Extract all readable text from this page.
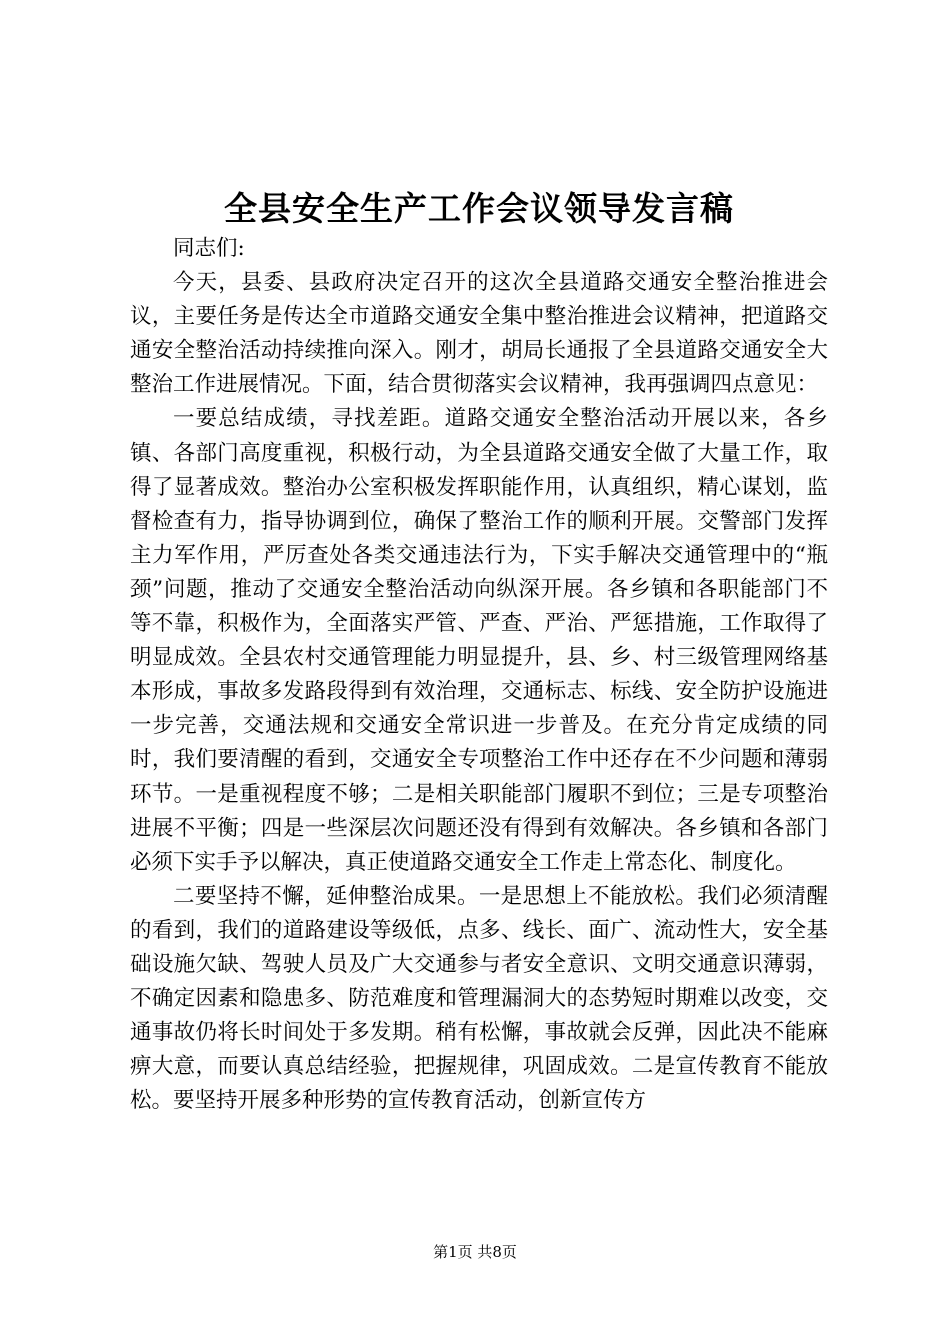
全县安全生产工作会议领导发言稿

同志们:

今天，县委、县政府决定召开的这次全县道路交通安全整治推进会议，主要任务是传达全市道路交通安全集中整治推进会议精神，把道路交通安全整治活动持续推向深入。刚才，胡局长通报了全县道路交通安全大整治工作进展情况。下面，结合贯彻落实会议精神，我再强调四点意见：

一要总结成绩，寻找差距。道路交通安全整治活动开展以来，各乡镇、各部门高度重视，积极行动，为全县道路交通安全做了大量工作，取得了显著成效。整治办公室积极发挥职能作用，认真组织，精心谋划，监督检查有力，指导协调到位，确保了整治工作的顺利开展。交警部门发挥主力军作用，严厉查处各类交通违法行为，下实手解决交通管理中的“瓶颈”问题，推动了交通安全整治活动向纵深开展。各乡镇和各职能部门不等不靠，积极作为，全面落实严管、严查、严治、严惩措施，工作取得了明显成效。全县农村交通管理能力明显提升，县、乡、村三级管理网络基本形成，事故多发路段得到有效治理，交通标志、标线、安全防护设施进一步完善，交通法规和交通安全常识进一步普及。在充分肯定成绩的同时，我们要清醒的看到，交通安全专项整治工作中还存在不少问题和薄弱环节。一是重视程度不够；二是相关职能部门履职不到位；三是专项整治进展不平衡；四是一些深层次问题还没有得到有效解决。各乡镇和各部门必须下实手予以解决，真正使道路交通安全工作走上常态化、制度化。

二要坚持不懈，延伸整治成果。一是思想上不能放松。我们必须清醒的看到，我们的道路建设等级低，点多、线长、面广、流动性大，安全基础设施欠缺、驾驶人员及广大交通参与者安全意识、文明交通意识薄弱，不确定因素和隐患多、防范难度和管理漏洞大的态势短时期难以改变，交通事故仍将长时间处于多发期。稍有松懈，事故就会反弹，因此决不能麻痹大意，而要认真总结经验，把握规律，巩固成效。二是宣传教育不能放松。要坚持开展多种形势的宣传教育活动，创新宣传方

第1页 共8页
